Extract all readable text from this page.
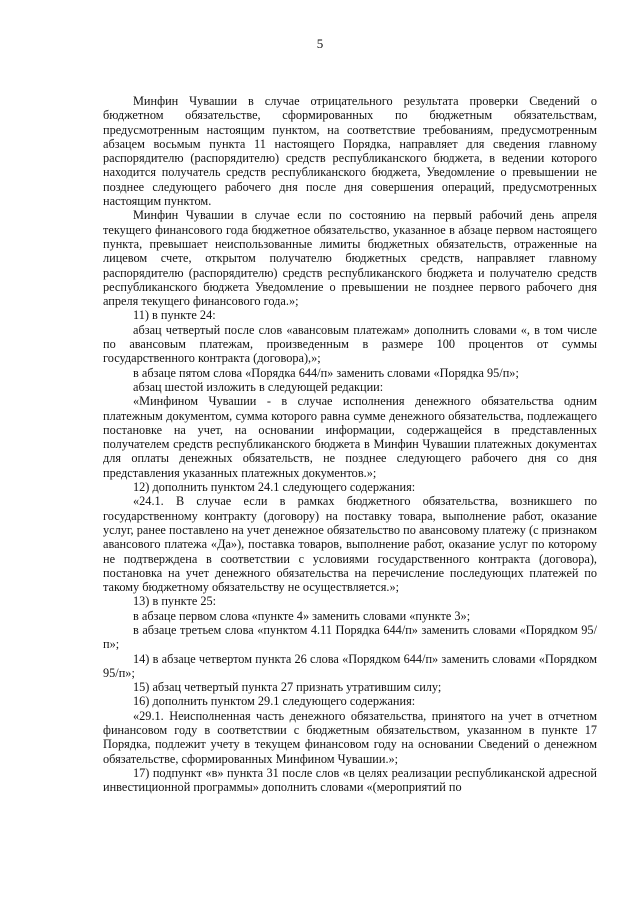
5

Минфин Чувашии в случае отрицательного результата проверки Сведений о бюджетном обязательстве, сформированных по бюджетным обязательствам, предусмотренным настоящим пунктом, на соответствие требованиям, предусмотренным абзацем восьмым пункта 11 настоящего Порядка, направляет для сведения главному распорядителю (распорядителю) средств республиканского бюджета, в ведении которого находится получатель средств республиканского бюджета, Уведомление о превышении не позднее следующего рабочего дня после дня совершения операций, предусмотренных настоящим пунктом.

Минфин Чувашии в случае если по состоянию на первый рабочий день апреля текущего финансового года бюджетное обязательство, указанное в абзаце первом настоящего пункта, превышает неиспользованные лимиты бюджетных обязательств, отраженные на лицевом счете, открытом получателю бюджетных средств, направляет главному распорядителю (распорядителю) средств республиканского бюджета и получателю средств республиканского бюджета Уведомление о превышении не позднее первого рабочего дня апреля текущего финансового года.»;

11) в пункте 24:

абзац четвертый после слов «авансовым платежам» дополнить словами «, в том числе по авансовым платежам, произведенным в размере 100 процентов от суммы государственного контракта (договора),»;

в абзаце пятом слова «Порядка 644/п» заменить словами «Порядка 95/п»;

абзац шестой изложить в следующей редакции:

«Минфином Чувашии - в случае исполнения денежного обязательства одним платежным документом, сумма которого равна сумме денежного обязательства, подлежащего постановке на учет, на основании информации, содержащейся в представленных получателем средств республиканского бюджета в Минфин Чувашии платежных документах для оплаты денежных обязательств, не позднее следующего рабочего дня со дня представления указанных платежных документов.»;

12) дополнить пунктом 24.1 следующего содержания:

«24.1. В случае если в рамках бюджетного обязательства, возникшего по государственному контракту (договору) на поставку товара, выполнение работ, оказание услуг, ранее поставлено на учет денежное обязательство по авансовому платежу (с признаком авансового платежа «Да»), поставка товаров, выполнение работ, оказание услуг по которому не подтверждена в соответствии с условиями государственного контракта (договора), постановка на учет денежного обязательства на перечисление последующих платежей по такому бюджетному обязательству не осуществляется.»;

13) в пункте 25:

в абзаце первом слова «пункте 4» заменить словами «пункте 3»;

в абзаце третьем слова «пунктом 4.11 Порядка 644/п» заменить словами «Порядком 95/п»;

14) в абзаце четвертом пункта 26 слова «Порядком 644/п» заменить словами «Порядком 95/п»;

15) абзац четвертый пункта 27 признать утратившим силу;

16) дополнить пунктом 29.1 следующего содержания:

«29.1. Неисполненная часть денежного обязательства, принятого на учет в отчетном финансовом году в соответствии с бюджетным обязательством, указанном в пункте 17 Порядка, подлежит учету в текущем финансовом году на основании Сведений о денежном обязательстве, сформированных Минфином Чувашии.»;

17) подпункт «в» пункта 31 после слов «в целях реализации республиканской адресной инвестиционной программы» дополнить словами «(мероприятий по
